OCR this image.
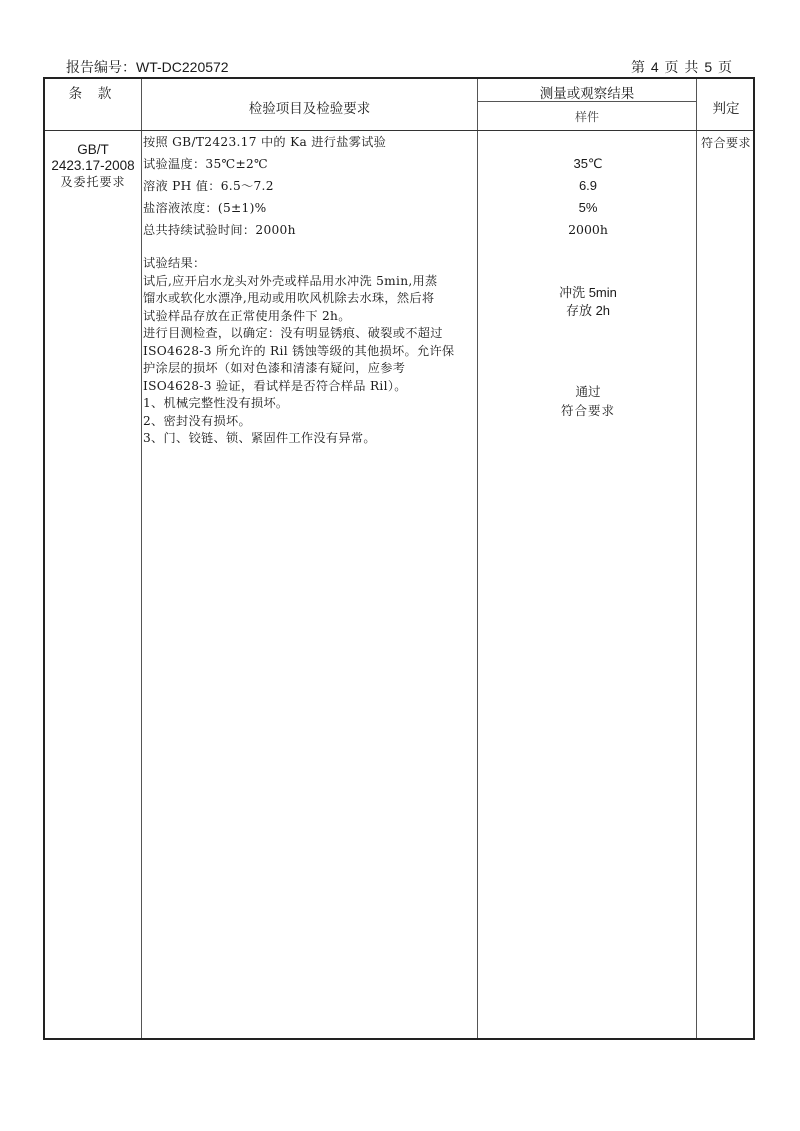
报告编号：WT-DC220572	第 4 页 共 5 页
条 款
检验项目及检验要求
测量或观察结果
样件
判定
GB/T
2423.17-2008
及委托要求
按照 GB/T2423.17 中的 Ka 进行盐雾试验
试验温度：35℃±2℃
溶液 PH 值：6.5～7.2
盐溶液浓度：(5±1)%
总共持续试验时间：2000h
试验结果：
试后,应开启水龙头对外壳或样品用水冲洗 5min,用蒸
馏水或软化水漂净,甩动或用吹风机除去水珠，然后将
试验样品存放在正常使用条件下 2h。
进行目测检查，以确定：没有明显锈痕、破裂或不超过
ISO4628-3 所允许的 Ril 锈蚀等级的其他损坏。允许保
护涂层的损坏（如对色漆和清漆有疑问，应参考
ISO4628-3 验证，看试样是否符合样品 Ril）。
1、机械完整性没有损坏。
2、密封没有损坏。
3、门、铰链、锁、紧固件工作没有异常。
35℃
6.9
5%
2000h
冲洗 5min
存放 2h
通过
符合要求
符合要求
